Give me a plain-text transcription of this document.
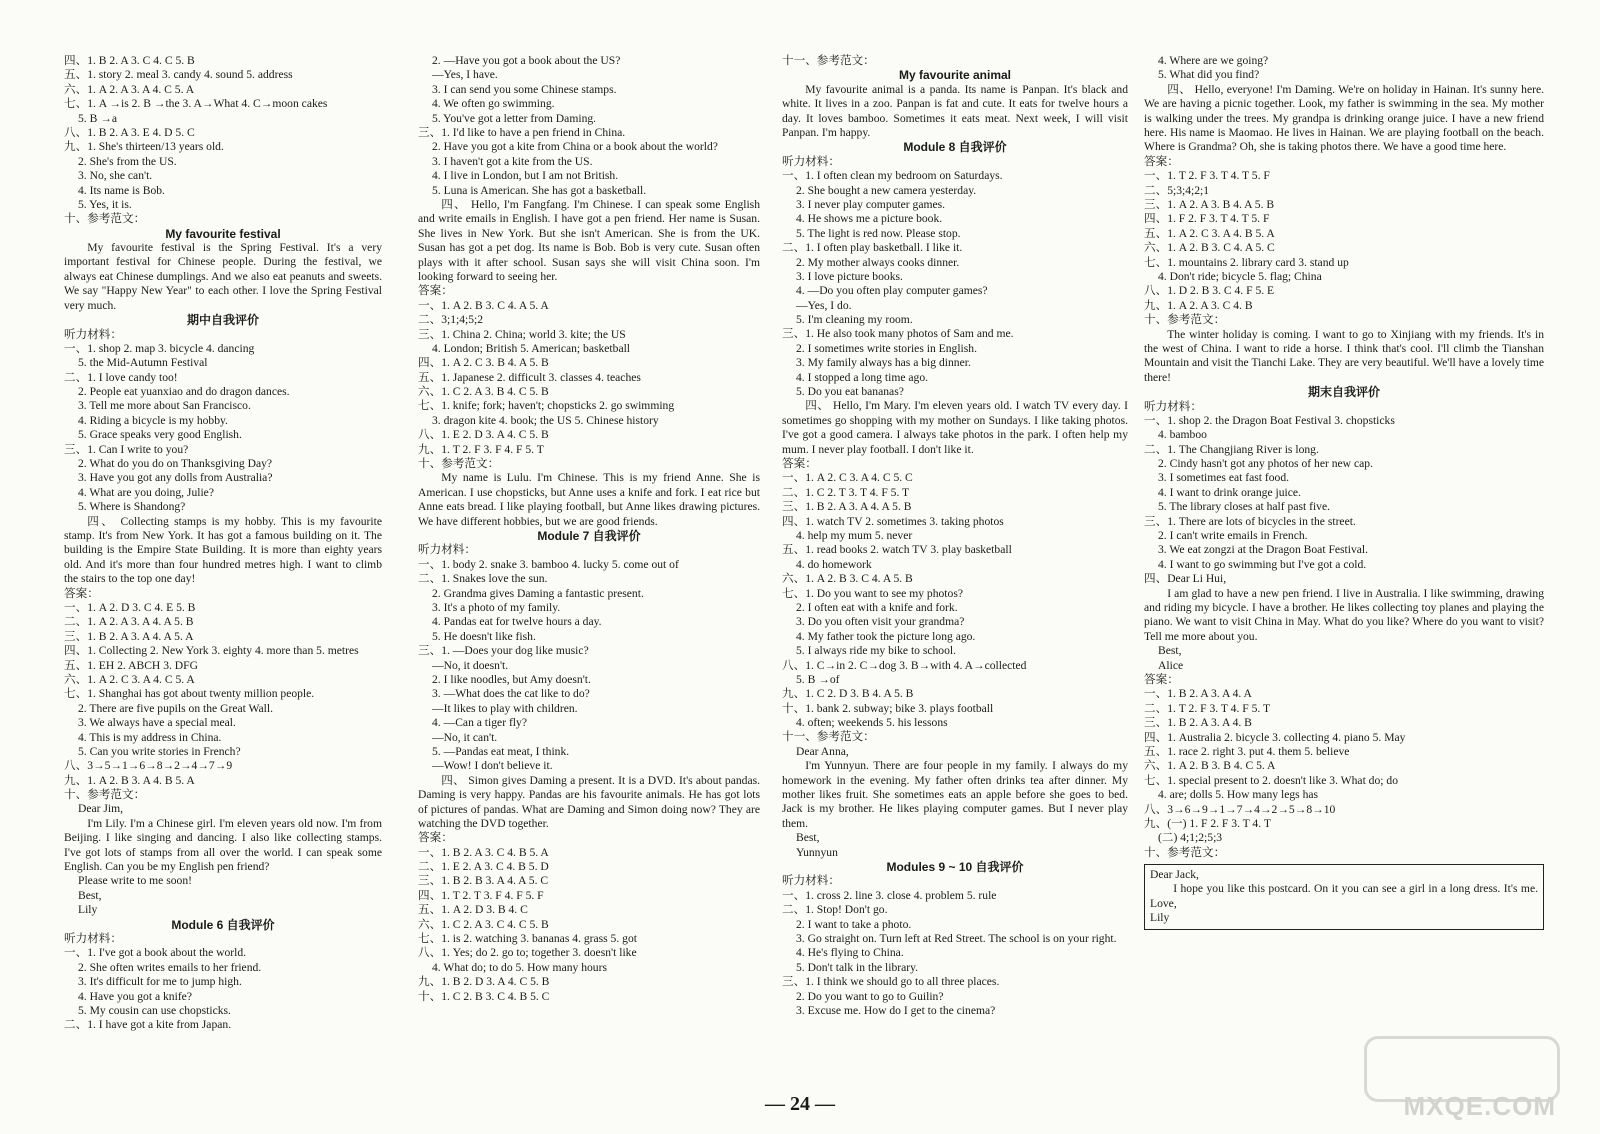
四、1. B 2. A 3. C 4. C 5. B
五、1. story 2. meal 3. candy 4. sound 5. address
六、1. A 2. A 3. A 4. C 5. A
七、1. A →is 2. B →the 3. A→What 4. C→moon cakes
5. B →a
八、1. B 2. A 3. E 4. D 5. C
九、1. She's thirteen/13 years old.
2. She's from the US.
3. No, she can't.
4. Its name is Bob.
5. Yes, it is.
十、参考范文：
My favourite festival
My favourite festival is the Spring Festival. It's a very important festival for Chinese people. During the festival, we always eat Chinese dumplings. And we also eat peanuts and sweets. We say "Happy New Year" to each other. I love the Spring Festival very much.
期中自我评价
听力材料：
一、1. shop 2. map 3. bicycle 4. dancing
5. the Mid-Autumn Festival
二、1. I love candy too!
2. People eat yuanxiao and do dragon dances.
3. Tell me more about San Francisco.
4. Riding a bicycle is my hobby.
5. Grace speaks very good English.
三、1. Can I write to you?
2. What do you do on Thanksgiving Day?
3. Have you got any dolls from Australia?
4. What are you doing, Julie?
5. Where is Shandong?
四、 Collecting stamps is my hobby. This is my favourite stamp. It's from New York. It has got a famous building on it. The building is the Empire State Building. It is more than eighty years old. And it's more than four hundred metres high. I want to climb the stairs to the top one day!
答案：
一、1. A 2. D 3. C 4. E 5. B
二、1. A 2. A 3. A 4. A 5. B
三、1. B 2. A 3. A 4. A 5. A
四、1. Collecting 2. New York 3. eighty 4. more than 5. metres
五、1. EH 2. ABCH 3. DFG
六、1. A 2. C 3. A 4. C 5. A
七、1. Shanghai has got about twenty million people.
2. There are five pupils on the Great Wall.
3. We always have a special meal.
4. This is my address in China.
5. Can you write stories in French?
八、3→5→1→6→8→2→4→7→9
九、1. A 2. B 3. A 4. B 5. A
十、参考范文：
Dear Jim,
I'm Lily. I'm a Chinese girl. I'm eleven years old now. I'm from Beijing. I like singing and dancing. I also like collecting stamps. I've got lots of stamps from all over the world. I can speak some English. Can you be my English pen friend?
Please write to me soon!
Best,
Lily
Module 6 自我评价
听力材料：
一、1. I've got a book about the world.
2. She often writes emails to her friend.
3. It's difficult for me to jump high.
4. Have you got a knife?
5. My cousin can use chopsticks.
二、1. I have got a kite from Japan.
2. —Have you got a book about the US?
—Yes, I have.
3. I can send you some Chinese stamps.
4. We often go swimming.
5. You've got a letter from Daming.
三、1. I'd like to have a pen friend in China.
2. Have you got a kite from China or a book about the world?
3. I haven't got a kite from the US.
4. I live in London, but I am not British.
5. Luna is American. She has got a basketball.
四、 Hello, I'm Fangfang. I'm Chinese. I can speak some English and write emails in English. I have got a pen friend. Her name is Susan. She lives in New York. But she isn't American. She is from the UK. Susan has got a pet dog. Its name is Bob. Bob is very cute. Susan often plays with it after school. Susan says she will visit China soon. I'm looking forward to seeing her.
答案：
一、1. A 2. B 3. C 4. A 5. A
二、3;1;4;5;2
三、1. China 2. China; world 3. kite; the US
4. London; British 5. American; basketball
四、1. A 2. C 3. B 4. A 5. B
五、1. Japanese 2. difficult 3. classes 4. teaches
六、1. C 2. A 3. B 4. C 5. B
七、1. knife; fork; haven't; chopsticks 2. go swimming
3. dragon kite 4. book; the US 5. Chinese history
八、1. E 2. D 3. A 4. C 5. B
九、1. T 2. F 3. F 4. F 5. T
十、参考范文：
My name is Lulu. I'm Chinese. This is my friend Anne. She is American. I use chopsticks, but Anne uses a knife and fork. I eat rice but Anne eats bread. I like playing football, but Anne likes drawing pictures. We have different hobbies, but we are good friends.
Module 7 自我评价
听力材料：
一、1. body 2. snake 3. bamboo 4. lucky 5. come out of
二、1. Snakes love the sun.
2. Grandma gives Daming a fantastic present.
3. It's a photo of my family.
4. Pandas eat for twelve hours a day.
5. He doesn't like fish.
三、1. —Does your dog like music?
—No, it doesn't.
2. I like noodles, but Amy doesn't.
3. —What does the cat like to do?
—It likes to play with children.
4. —Can a tiger fly?
—No, it can't.
5. —Pandas eat meat, I think.
—Wow! I don't believe it.
四、 Simon gives Daming a present. It is a DVD. It's about pandas. Daming is very happy. Pandas are his favourite animals. He has got lots of pictures of pandas. What are Daming and Simon doing now? They are watching the DVD together.
答案：
一、1. B 2. A 3. C 4. B 5. A
二、1. E 2. A 3. C 4. B 5. D
三、1. B 2. B 3. A 4. A 5. C
四、1. T 2. T 3. F 4. F 5. F
五、1. A 2. D 3. B 4. C
六、1. C 2. A 3. C 4. C 5. B
七、1. is 2. watching 3. bananas 4. grass 5. got
八、1. Yes; do 2. go to; together 3. doesn't like
4. What do; to do 5. How many hours
九、1. B 2. D 3. A 4. C 5. B
十、1. C 2. B 3. C 4. B 5. C
十一、参考范文：
My favourite animal
My favourite animal is a panda. Its name is Panpan. It's black and white. It lives in a zoo. Panpan is fat and cute. It eats for twelve hours a day. It loves bamboo. Sometimes it eats meat. Next week, I will visit Panpan. I'm happy.
Module 8 自我评价
听力材料：
一、1. I often clean my bedroom on Saturdays.
2. She bought a new camera yesterday.
3. I never play computer games.
4. He shows me a picture book.
5. The light is red now. Please stop.
二、1. I often play basketball. I like it.
2. My mother always cooks dinner.
3. I love picture books.
4. —Do you often play computer games?
—Yes, I do.
5. I'm cleaning my room.
三、1. He also took many photos of Sam and me.
2. I sometimes write stories in English.
3. My family always has a big dinner.
4. I stopped a long time ago.
5. Do you eat bananas?
四、 Hello, I'm Mary. I'm eleven years old. I watch TV every day. I sometimes go shopping with my mother on Sundays. I like taking photos. I've got a good camera. I always take photos in the park. I often help my mum. I never play football. I don't like it.
答案：
一、1. A 2. C 3. A 4. C 5. C
二、1. C 2. T 3. T 4. F 5. T
三、1. B 2. A 3. A 4. A 5. B
四、1. watch TV 2. sometimes 3. taking photos
4. help my mum 5. never
五、1. read books 2. watch TV 3. play basketball
4. do homework
六、1. A 2. B 3. C 4. A 5. B
七、1. Do you want to see my photos?
2. I often eat with a knife and fork.
3. Do you often visit your grandma?
4. My father took the picture long ago.
5. I always ride my bike to school.
八、1. C→in 2. C→dog 3. B→with 4. A→collected
5. B →of
九、1. C 2. D 3. B 4. A 5. B
十、1. bank 2. subway; bike 3. plays football
4. often; weekends 5. his lessons
十一、参考范文：
Dear Anna,
I'm Yunnyun. There are four people in my family. I always do my homework in the evening. My father often drinks tea after dinner. My mother likes fruit. She sometimes eats an apple before she goes to bed. Jack is my brother. He likes playing computer games. But I never play them.
Best,
Yunnyun
Modules 9 ~ 10 自我评价
听力材料：
一、1. cross 2. line 3. close 4. problem 5. rule
二、1. Stop! Don't go.
2. I want to take a photo.
3. Go straight on. Turn left at Red Street. The school is on your right.
4. He's flying to China.
5. Don't talk in the library.
三、1. I think we should go to all three places.
2. Do you want to go to Guilin?
3. Excuse me. How do I get to the cinema?
4. Where are we going?
5. What did you find?
四、 Hello, everyone! I'm Daming. We're on holiday in Hainan. It's sunny here. We are having a picnic together. Look, my father is swimming in the sea. My mother is walking under the trees. My grandpa is drinking orange juice. I have a new friend here. His name is Maomao. He lives in Hainan. We are playing football on the beach. Where is Grandma? Oh, she is taking photos there. We have a good time here.
答案：
一、1. T 2. F 3. T 4. T 5. F
二、5;3;4;2;1
三、1. A 2. A 3. B 4. A 5. B
四、1. F 2. F 3. T 4. T 5. F
五、1. A 2. C 3. A 4. B 5. A
六、1. A 2. B 3. C 4. A 5. C
七、1. mountains 2. library card 3. stand up
4. Don't ride; bicycle 5. flag; China
八、1. D 2. B 3. C 4. F 5. E
九、1. A 2. A 3. C 4. B
十、参考范文：
The winter holiday is coming. I want to go to Xinjiang with my friends. It's in the west of China. I want to ride a horse. I think that's cool. I'll climb the Tianshan Mountain and visit the Tianchi Lake. They are very beautiful. We'll have a lovely time there!
期末自我评价
听力材料：
一、1. shop 2. the Dragon Boat Festival 3. chopsticks
4. bamboo
二、1. The Changjiang River is long.
2. Cindy hasn't got any photos of her new cap.
3. I sometimes eat fast food.
4. I want to drink orange juice.
5. The library closes at half past five.
三、1. There are lots of bicycles in the street.
2. I can't write emails in French.
3. We eat zongzi at the Dragon Boat Festival.
4. I want to go swimming but I've got a cold.
四、Dear Li Hui,
I am glad to have a new pen friend. I live in Australia. I like swimming, drawing and riding my bicycle. I have a brother. He likes collecting toy planes and playing the piano. We want to visit China in May. What do you like? Where do you want to visit? Tell me more about you.
Best,
Alice
答案：
一、1. B 2. A 3. A 4. A
二、1. T 2. F 3. T 4. F 5. T
三、1. B 2. A 3. A 4. B
四、1. Australia 2. bicycle 3. collecting 4. piano 5. May
五、1. race 2. right 3. put 4. them 5. believe
六、1. A 2. B 3. B 4. C 5. A
七、1. special present to 2. doesn't like 3. What do; do
4. are; dolls 5. How many legs has
八、3→6→9→1→7→4→2→5→8→10
九、(一) 1. F 2. F 3. T 4. T
(二) 4;1;2;5;3
十、参考范文：
Dear Jack,
I hope you like this postcard. On it you can see a girl in a long dress. It's me.
Love,
Lily
— 24 —	MXQE.COM
